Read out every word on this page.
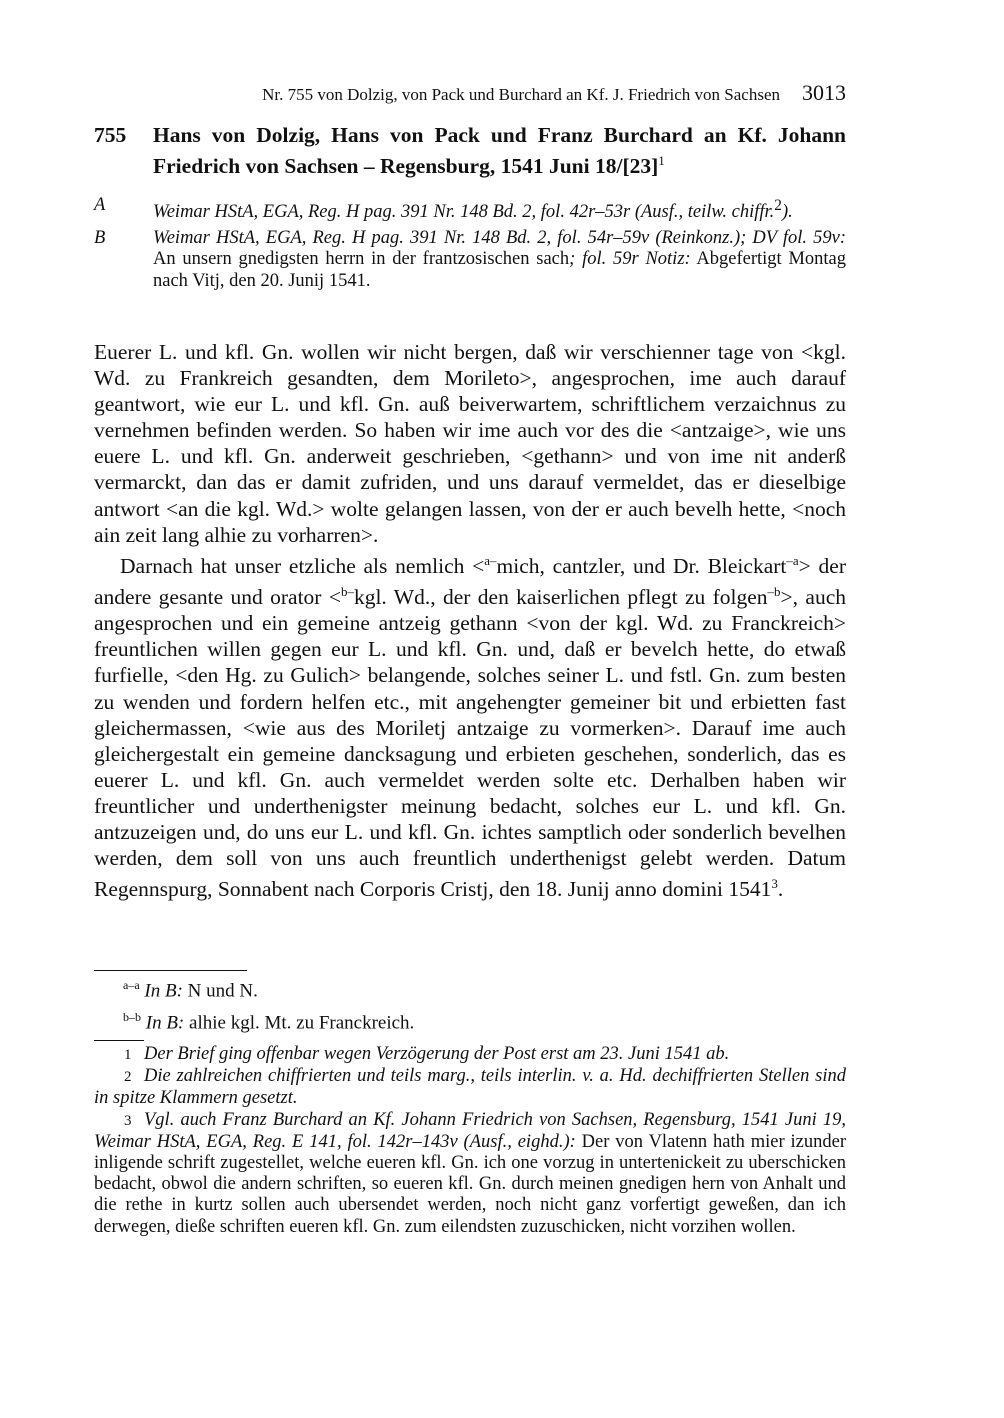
Nr. 755 von Dolzig, von Pack und Burchard an Kf. J. Friedrich von Sachsen 3013
755 Hans von Dolzig, Hans von Pack und Franz Burchard an Kf. Johann Friedrich von Sachsen – Regensburg, 1541 Juni $18/[23]^1$
A	Weimar HStA, EGA, Reg. H pag. 391 Nr. 148 Bd. 2, fol. 42r–53r (Ausf., teilw. chiffr.$^2$).
B	Weimar HStA, EGA, Reg. H pag. 391 Nr. 148 Bd. 2, fol. 54r–59v (Reinkonz.); DV fol. 59v: An unsern gnedigsten herrn in der frantzosischen sach; fol. 59r Notiz: Abgefertigt Montag nach Vitj, den 20. Junij 1541.

Euerer L. und kfl. Gn. wollen wir nicht bergen, daß wir verschienner tage von <kgl. Wd. zu Frankreich gesandten, dem Morileto>, angesprochen, ime auch darauf geantwort, wie eur L. und kfl. Gn. auß beiverwartem, schriftlichem verzaichnus zu vernehmen befinden werden. So haben wir ime auch vor des die <antzaige>, wie uns euere L. und kfl. Gn. anderweit geschrieben, <gethann> und von ime nit anderß vermarckt, dan das er damit zufriden, und uns darauf vermeldet, das er dieselbige antwort <an die kgl. Wd.> wolte gelangen lassen, von der er auch bevelh hette, <noch ain zeit lang alhie zu vorharren>.

Darnach hat unser etzliche als nemlich <$^{a-}$mich, cantzler, und Dr. Bleickart$^{-a}$> der andere gesante und orator <$^{b-}$kgl. Wd., der den kaiserlichen pflegt zu folgen$^{-b}$>, auch angesprochen und ein gemeine antzeig gethann <von der kgl. Wd. zu Franckreich> freuntlichen willen gegen eur L. und kfl. Gn. und, daß er bevelch hette, do etwaß furfielle, <den Hg. zu Gulich> belangende, solches seiner L. und fstl. Gn. zum besten zu wenden und fordern helfen etc., mit angehengter gemeiner bit und erbietten fast gleichermassen, <wie aus des Moriletj antzaige zu vormerken>. Darauf ime auch gleichergestalt ein gemeine dancksagung und erbieten geschehen, sonderlich, das es euerer L. und kfl. Gn. auch vermeldet werden solte etc. Derhalben haben wir freuntlicher und underthenigster meinung bedacht, solches eur L. und kfl. Gn. antzuzeigen und, do uns eur L. und kfl. Gn. ichtes samptlich oder sonderlich bevelhen werden, dem soll von uns auch freuntlich underthenigst gelebt werden. Datum Regennspurg, Sonnabent nach Corporis Cristj, den 18. Junij anno domini 1541$^3$.

$^{a-a}$ In B: N und N.
$^{b-b}$ In B: alhie kgl. Mt. zu Franckreich.

1 Der Brief ging offenbar wegen Verzögerung der Post erst am 23. Juni 1541 ab.

2 Die zahlreichen chiffrierten und teils marg., teils interlin. v. a. Hd. dechiffrierten Stellen sind in spitze Klammern gesetzt.

3 Vgl. auch Franz Burchard an Kf. Johann Friedrich von Sachsen, Regensburg, 1541 Juni 19, Weimar HStA, EGA, Reg. E 141, fol. 142r–143v (Ausf., eighd.): Der von Vlatenn hath mier izunder inligende schrift zugestellet, welche eueren kfl. Gn. ich one vorzug in untertenickeit zu uberschicken bedacht, obwol die andern schriften, so eueren kfl. Gn. durch meinen gnedigen hern von Anhalt und die rethe in kurtz sollen auch ubersendet werden, noch nicht ganz vorfertigt geweßen, dan ich derwegen, dieße schriften eueren kfl. Gn. zum eilendsten zuzuschicken, nicht vorzihen wollen.
